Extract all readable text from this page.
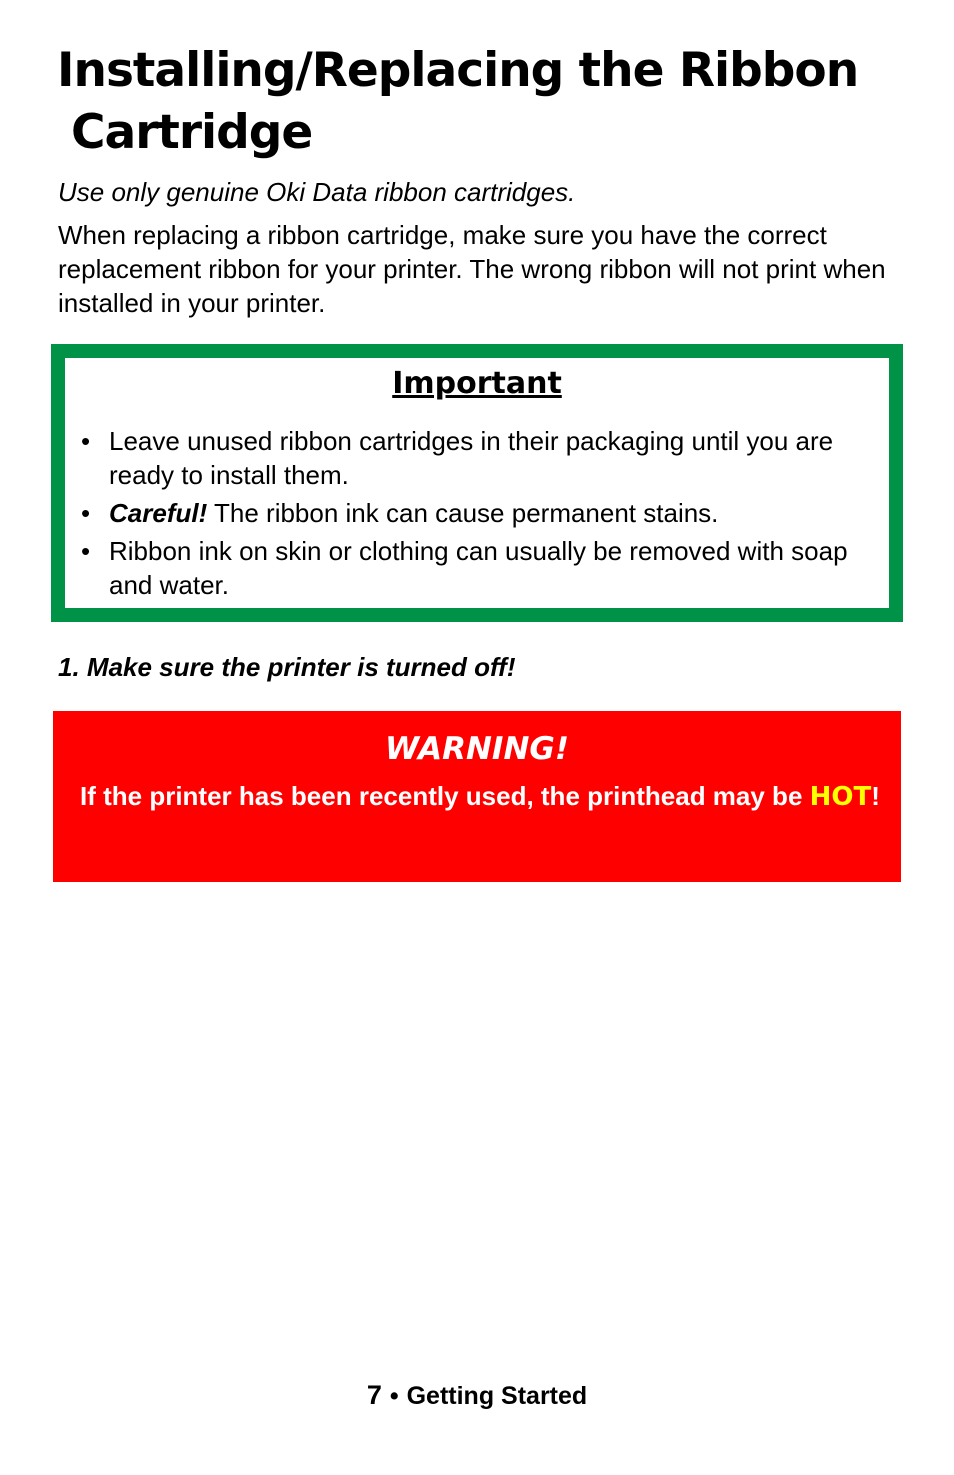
Installing/Replacing the Ribbon
Cartridge

Use only genuine Oki Data ribbon cartridges.

When replacing a ribbon cartridge, make sure you have the correct replacement ribbon for your printer. The wrong ribbon will not print when installed in your printer.

Important
• Leave unused ribbon cartridges in their packaging until you are ready to install them.
• Careful! The ribbon ink can cause permanent stains.
• Ribbon ink on skin or clothing can usually be removed with soap and water.

1. Make sure the printer is turned off!

WARNING!

If the printer has been recently used, the printhead may be HOT!

7 • Getting Started
